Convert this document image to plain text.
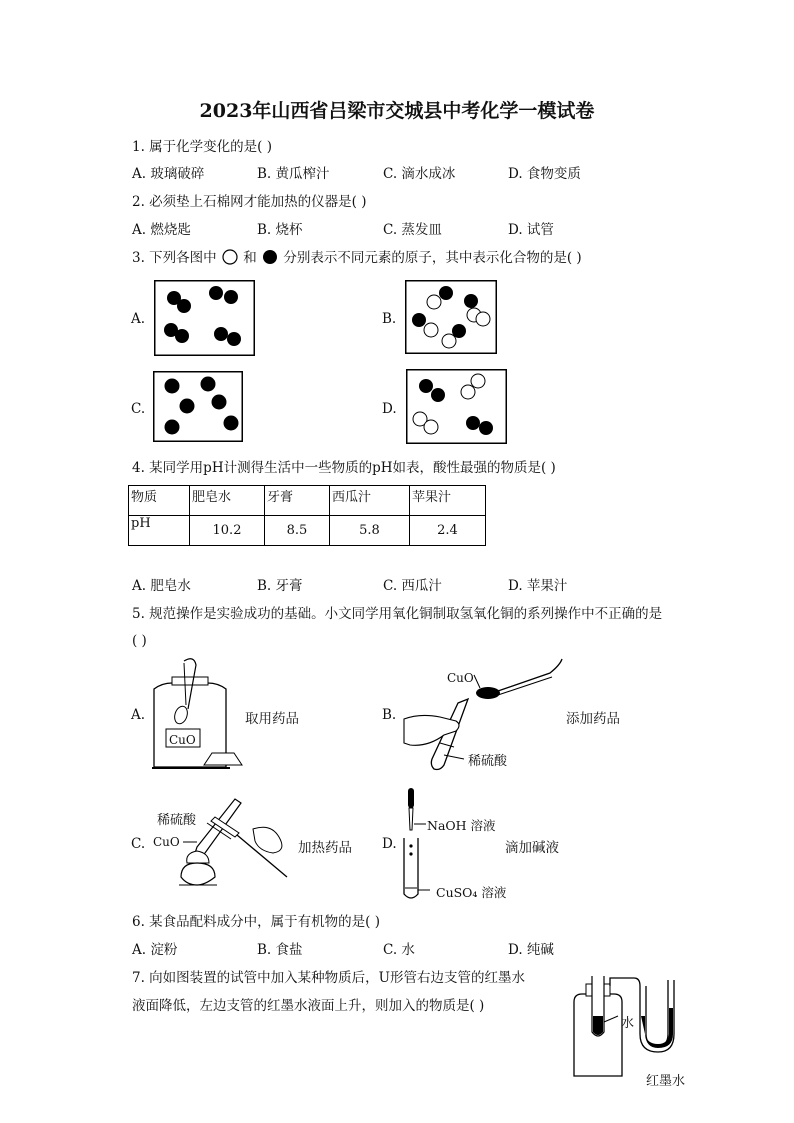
2023年山西省吕梁市交城县中考化学一模试卷
1. 属于化学变化的是( )
A. 玻璃破碎	B. 黄瓜榨汁	C. 滴水成冰	D. 食物变质
2. 必须垫上石棉网才能加热的仪器是( )
A. 燃烧匙	B. 烧杯	C. 蒸发皿	D. 试管
3. 下列各图中 和 分别表示不同元素的原子，其中表示化合物的是( )
A.	B.
C.	D.
4. 某同学用pH计测得生活中一些物质的pH如表，酸性最强的物质是( )
物质	肥皂水	牙膏	西瓜汁	苹果汁
pH	10.2	8.5	5.8	2.4
A. 肥皂水	B. 牙膏	C. 西瓜汁	D. 苹果汁
5. 规范操作是实验成功的基础。小文同学用氧化铜制取氢氧化铜的系列操作中不正确的是
( )
A.
CuO
取用药品	B.
CuO
稀硫酸
添加药品
C.
稀硫酸
CuO	加热药品 D.
NaOH 溶液
CuSO₄ 溶液
滴加碱液
6. 某食品配料成分中，属于有机物的是( )
A. 淀粉	B. 食盐	C. 水	D. 纯碱
7. 向如图装置的试管中加入某种物质后，U形管右边支管的红墨水
液面降低，左边支管的红墨水液面上升，则加入的物质是( )
水
红墨水
